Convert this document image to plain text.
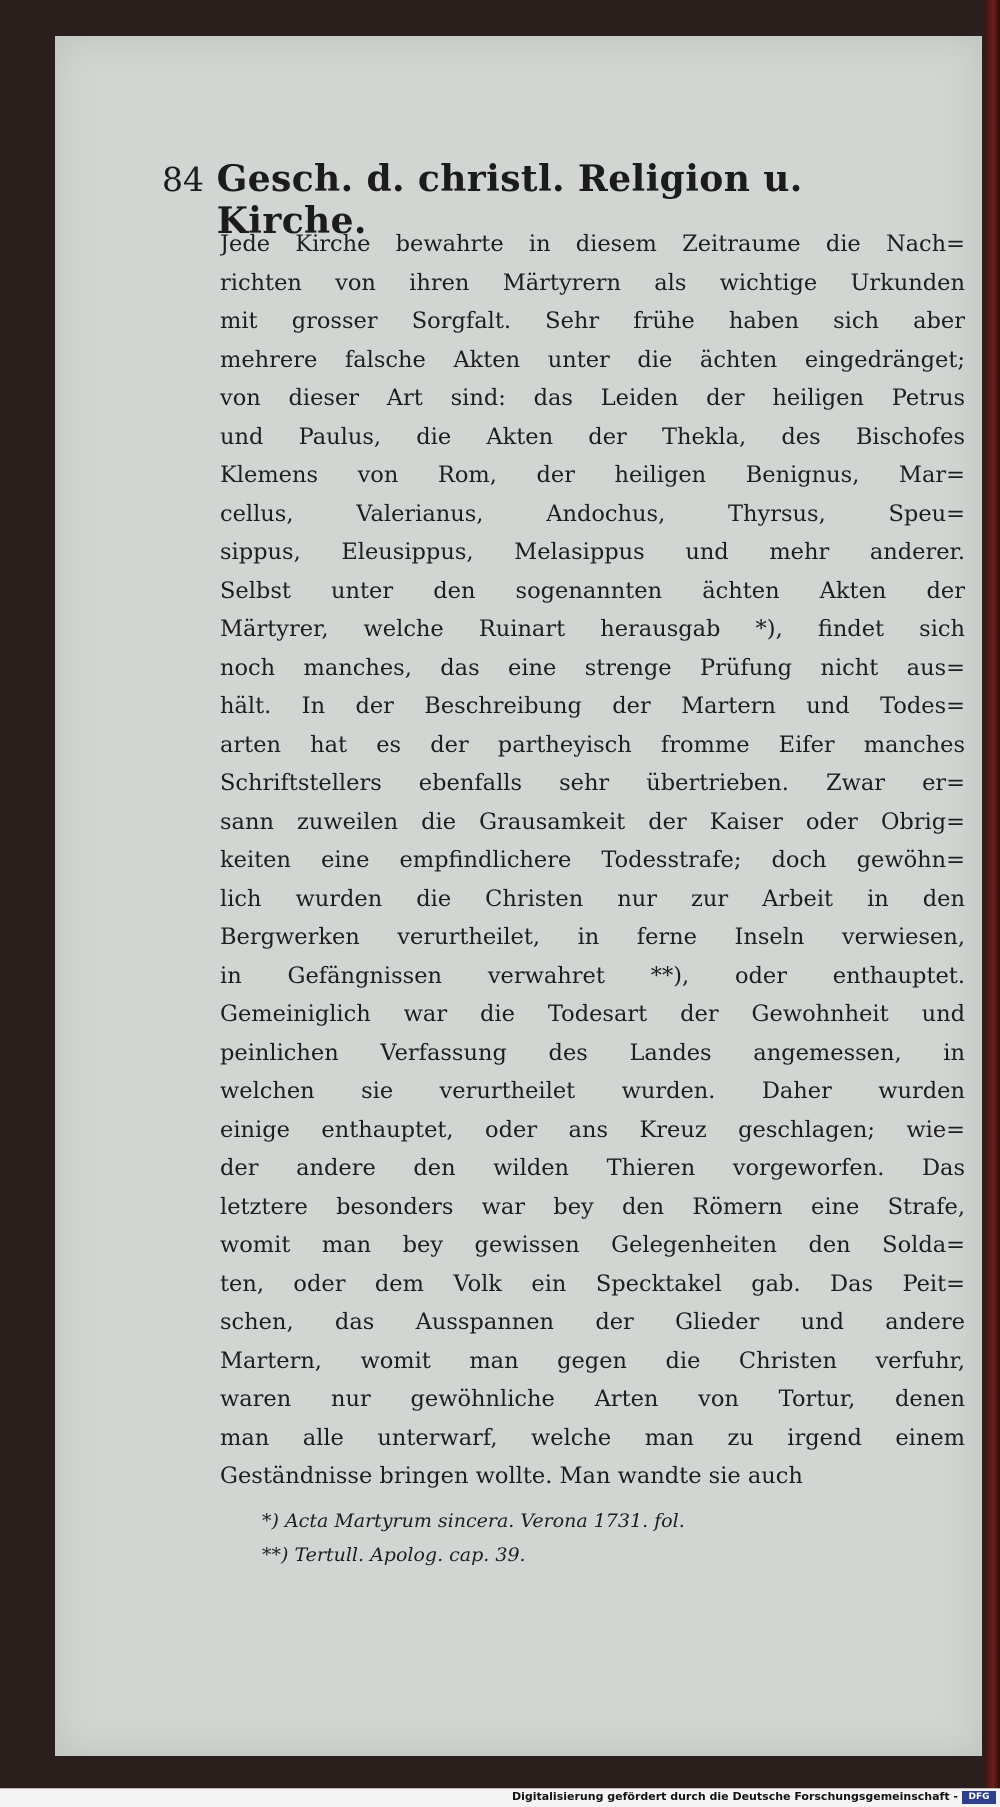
84 Gesch. d. christl. Religion u. Kirche.
Jede Kirche bewahrte in diesem Zeitraume die Nach=
richten von ihren Märtyrern als wichtige Urkunden
mit grosser Sorgfalt. Sehr frühe haben sich aber
mehrere falsche Akten unter die ächten eingedränget;
von dieser Art sind: das Leiden der heiligen Petrus
und Paulus, die Akten der Thekla, des Bischofes
Klemens von Rom, der heiligen Benignus, Mar=
cellus, Valerianus, Andochus, Thyrsus, Speu=
sippus, Eleusippus, Melasippus und mehr anderer.
Selbst unter den sogenannten ächten Akten der
Märtyrer, welche Ruinart herausgab *), findet sich
noch manches, das eine strenge Prüfung nicht aus=
hält. In der Beschreibung der Martern und Todes=
arten hat es der partheyisch fromme Eifer manches
Schriftstellers ebenfalls sehr übertrieben. Zwar er=
sann zuweilen die Grausamkeit der Kaiser oder Obrig=
keiten eine empfindlichere Todesstrafe; doch gewöhn=
lich wurden die Christen nur zur Arbeit in den
Bergwerken verurtheilet, in ferne Inseln verwiesen,
in Gefängnissen verwahret **), oder enthauptet.
Gemeiniglich war die Todesart der Gewohnheit und
peinlichen Verfassung des Landes angemessen, in
welchen sie verurtheilet wurden. Daher wurden
einige enthauptet, oder ans Kreuz geschlagen; wie=
der andere den wilden Thieren vorgeworfen. Das
letztere besonders war bey den Römern eine Strafe,
womit man bey gewissen Gelegenheiten den Solda=
ten, oder dem Volk ein Specktakel gab. Das Peit=
schen, das Ausspannen der Glieder und andere
Martern, womit man gegen die Christen verfuhr,
waren nur gewöhnliche Arten von Tortur, denen
man alle unterwarf, welche man zu irgend einem
Geständnisse bringen wollte. Man wandte sie auch
*) Acta Martyrum sincera. Verona 1731. fol.
**) Tertull. Apolog. cap. 39.
Digitalisierung gefördert durch die Deutsche Forschungsgemeinschaft -	DFG
